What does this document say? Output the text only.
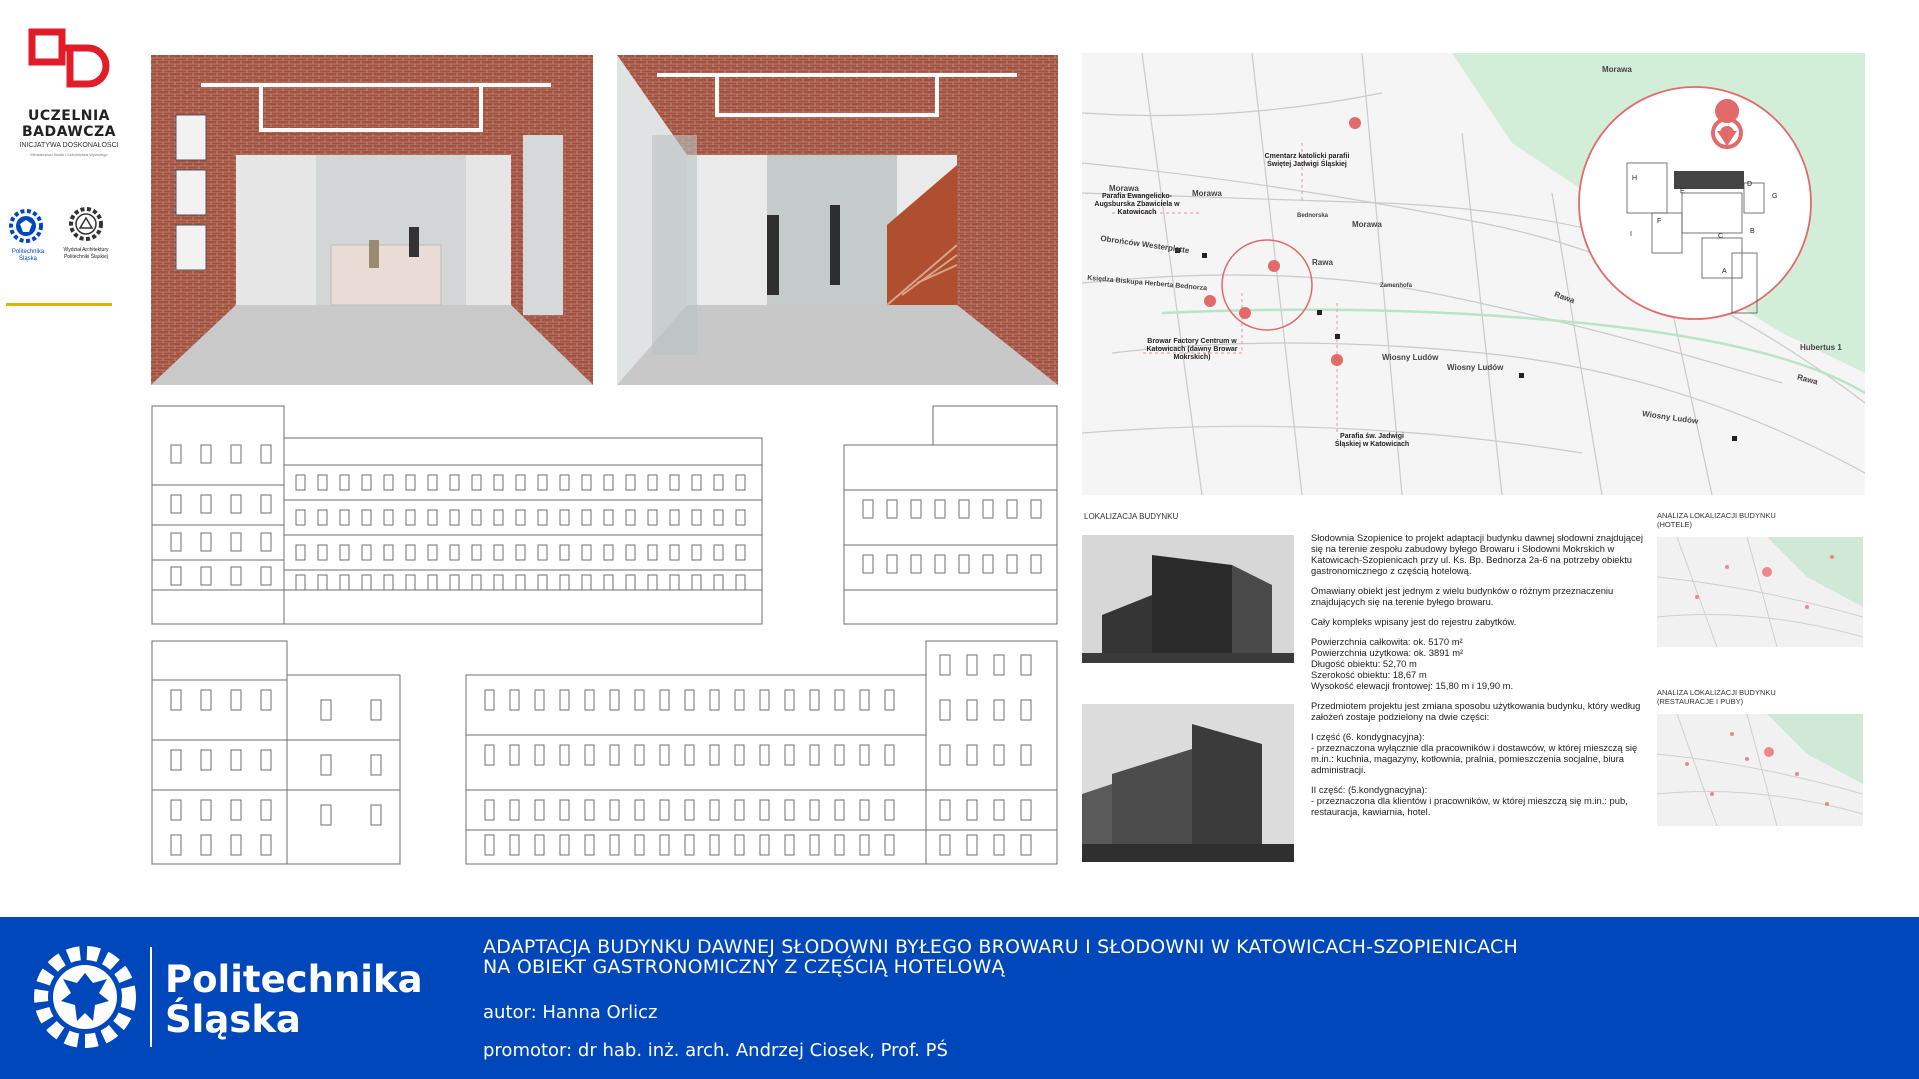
UCZELNIA
BADAWCZA
INICJATYWA DOSKONAŁOŚCI
Ministerstwo Nauki i Szkolnictwa Wyższego
Politechnika Śląska
Wydział Architektury Politechniki Śląskiej
Morawa
Morawa
Morawa
Obrońców Westerplatte
Bednorska
Rawa
Rawa
Rawa
Księdza Biskupa Herberta Bednorza
Wiosny Ludów
Wiosny Ludów
Wiosny Ludów
Hubertus 1
Zamenhofa
Morawa
Cmentarz katolicki parafii Świętej Jadwigi Śląskiej
Parafia Ewangelicko-Augsburska Zbawiciela w Katowicach
Browar Factory Centrum w Katowicach (dawny Browar Mokrskich)
Parafia św. Jadwigi Śląskiej w Katowicach
H
E
D
G
F
C
B
I
A
LOKALIZACJA BUDYNKU

Słodownia Szopienice to projekt adaptacji budynku dawnej słodowni znajdującej się na terenie zespołu zabudowy byłego Browaru i Słodowni Mokrskich w Katowicach-Szopienicach przy ul. Ks. Bp. Bednorza 2a-6 na potrzeby obiektu gastronomicznego z częścią hotelową.

Omawiany obiekt jest jednym z wielu budynków o różnym przeznaczeniu znajdujących się na terenie byłego browaru.

Cały kompleks wpisany jest do rejestru zabytków.

Powierzchnia całkowita: ok. 5170 m²
Powierzchnia użytkowa: ok. 3891 m²
Długość obiektu: 52,70 m
Szerokość obiektu: 18,67 m
Wysokość elewacji frontowej: 15,80 m i 19,90 m.

Przedmiotem projektu jest zmiana sposobu użytkowania budynku, który według założeń zostaje podzielony na dwie części:

I część (6. kondygnacyjna):
- przeznaczona wyłącznie dla pracowników i dostawców, w której mieszczą się m.in.: kuchnia, magazyny, kotłownia, pralnia, pomieszczenia socjalne, biura administracji.

II część: (5.kondygnacyjna):
- przeznaczona dla klientów i pracowników, w której mieszczą się m.in.: pub, restauracja, kawiarnia, hotel.

ANALIZA LOKALIZACJI BUDYNKU (HOTELE)
ANALIZA LOKALIZACJI BUDYNKU (RESTAURACJE I PUBY)
Politechnika
Śląska
ADAPTACJA BUDYNKU DAWNEJ SŁODOWNI BYŁEGO BROWARU I SŁODOWNI W KATOWICACH-SZOPIENICACH
NA OBIEKT GASTRONOMICZNY Z CZĘŚCIĄ HOTELOWĄ
autor: Hanna Orlicz
promotor: dr hab. inż. arch. Andrzej Ciosek, Prof. PŚ
